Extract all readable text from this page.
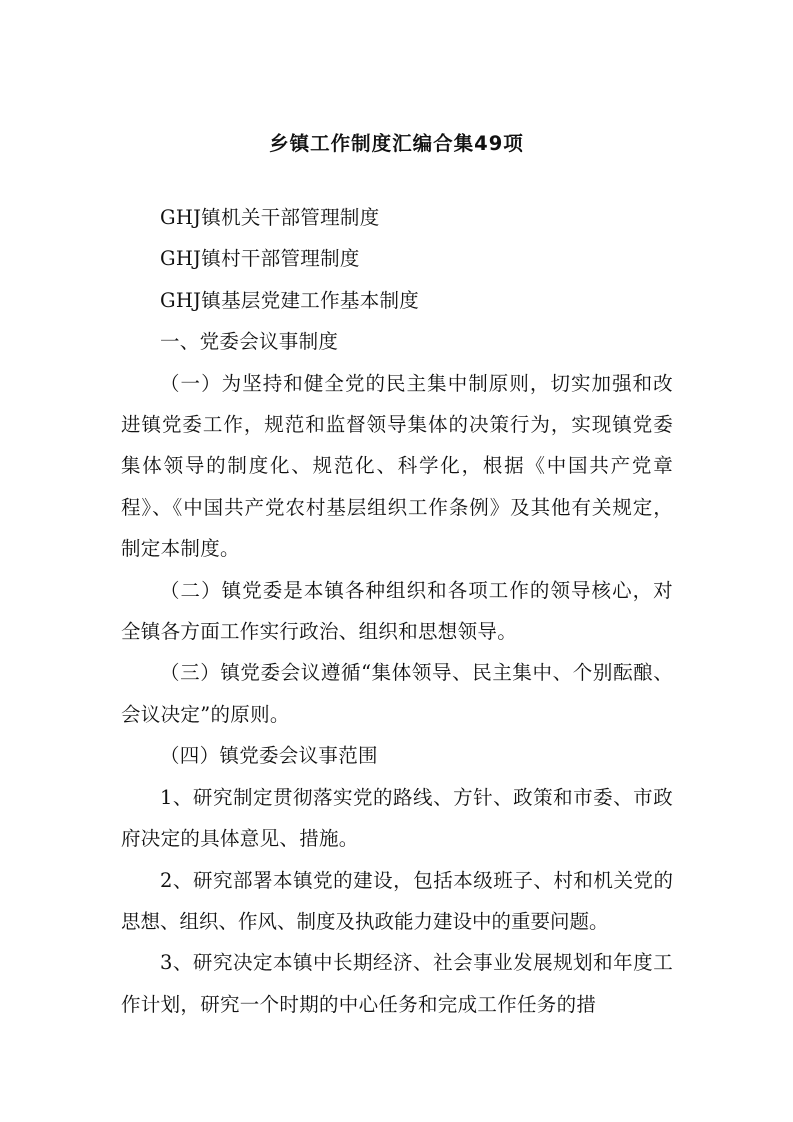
乡镇工作制度汇编合集49项

GHJ镇机关干部管理制度

GHJ镇村干部管理制度

GHJ镇基层党建工作基本制度

一、党委会议事制度

（一）为坚持和健全党的民主集中制原则，切实加强和改进镇党委工作，规范和监督领导集体的决策行为，实现镇党委集体领导的制度化、规范化、科学化，根据《中国共产党章程》、《中国共产党农村基层组织工作条例》及其他有关规定，制定本制度。

（二）镇党委是本镇各种组织和各项工作的领导核心，对全镇各方面工作实行政治、组织和思想领导。

（三）镇党委会议遵循“集体领导、民主集中、个别酝酿、会议决定”的原则。

（四）镇党委会议事范围

1、研究制定贯彻落实党的路线、方针、政策和市委、市政府决定的具体意见、措施。

2、研究部署本镇党的建设，包括本级班子、村和机关党的思想、组织、作风、制度及执政能力建设中的重要问题。

3、研究决定本镇中长期经济、社会事业发展规划和年度工作计划，研究一个时期的中心任务和完成工作任务的措
